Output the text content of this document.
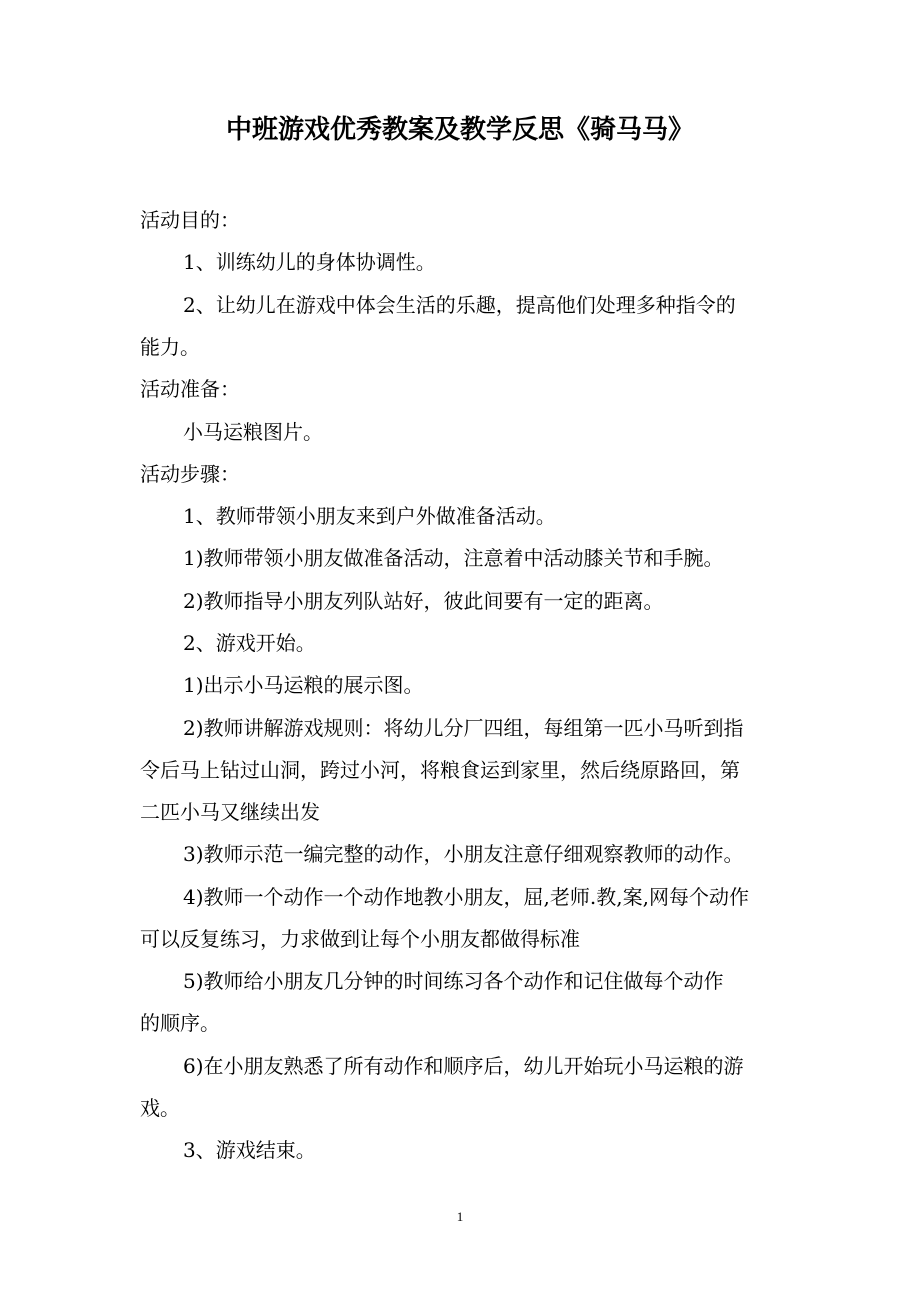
中班游戏优秀教案及教学反思《骑马马》

活动目的：

1、训练幼儿的身体协调性。

2、让幼儿在游戏中体会生活的乐趣，提高他们处理多种指令的

能力。

活动准备：

小马运粮图片。

活动步骤：

1、教师带领小朋友来到户外做准备活动。

1)教师带领小朋友做准备活动，注意着中活动膝关节和手腕。

2)教师指导小朋友列队站好，彼此间要有一定的距离。

2、游戏开始。

1)出示小马运粮的展示图。

2)教师讲解游戏规则：将幼儿分厂四组，每组第一匹小马听到指

令后马上钻过山洞，跨过小河，将粮食运到家里，然后绕原路回，第

二匹小马又继续出发

3)教师示范一编完整的动作，小朋友注意仔细观察教师的动作。

4)教师一个动作一个动作地教小朋友，屈,老师.教,案,网每个动作

可以反复练习，力求做到让每个小朋友都做得标准

5)教师给小朋友几分钟的时间练习各个动作和记住做每个动作

的顺序。

6)在小朋友熟悉了所有动作和顺序后，幼儿开始玩小马运粮的游

戏。

3、游戏结束。

1
